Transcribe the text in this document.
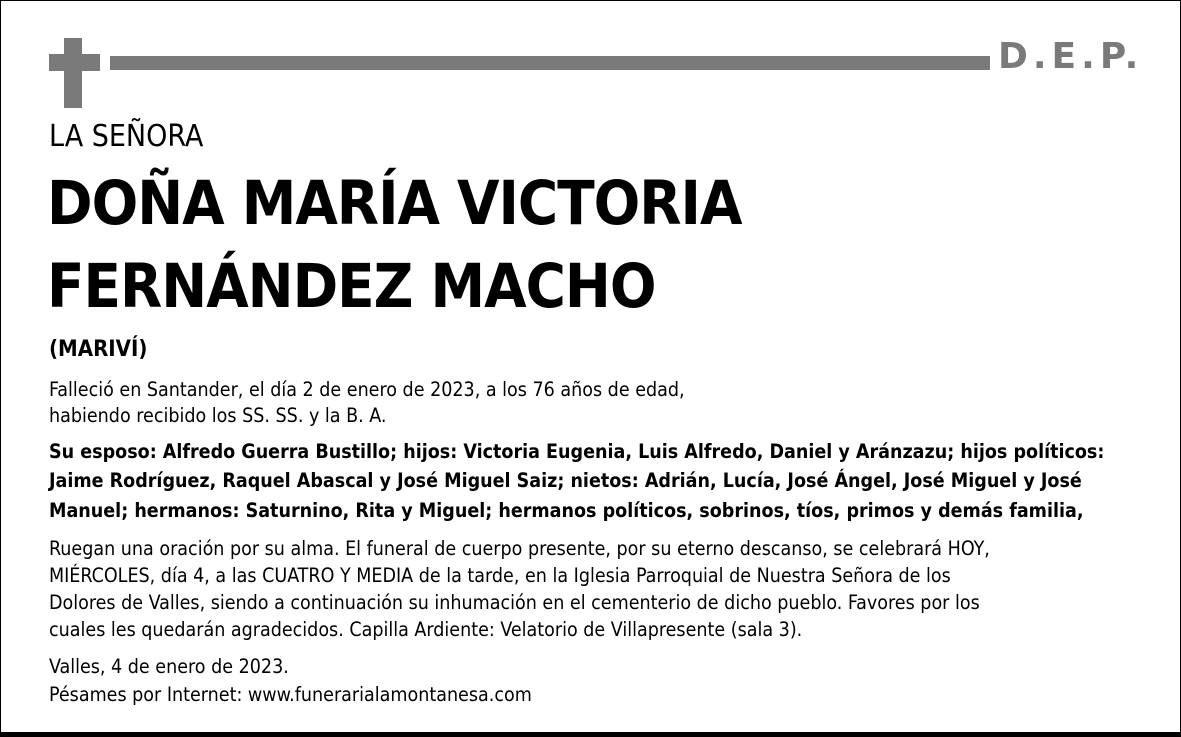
D.E.P.
LA SEÑORA
DOÑA MARÍA VICTORIA
FERNÁNDEZ MACHO
(MARIVÍ)
Falleció en Santander, el día 2 de enero de 2023, a los 76 años de edad,
habiendo recibido los SS. SS. y la B. A.
Su esposo: Alfredo Guerra Bustillo; hijos: Victoria Eugenia, Luis Alfredo, Daniel y Aránzazu; hijos políticos:
Jaime Rodríguez, Raquel Abascal y José Miguel Saiz; nietos: Adrián, Lucía, José Ángel, José Miguel y José
Manuel; hermanos: Saturnino, Rita y Miguel; hermanos políticos, sobrinos, tíos, primos y demás familia,
Ruegan una oración por su alma. El funeral de cuerpo presente, por su eterno descanso, se celebrará HOY,
MIÉRCOLES, día 4, a las CUATRO Y MEDIA de la tarde, en la Iglesia Parroquial de Nuestra Señora de los
Dolores de Valles, siendo a continuación su inhumación en el cementerio de dicho pueblo. Favores por los
cuales les quedarán agradecidos. Capilla Ardiente: Velatorio de Villapresente (sala 3).
Valles, 4 de enero de 2023.
Pésames por Internet: www.funerarialamontanesa.com
